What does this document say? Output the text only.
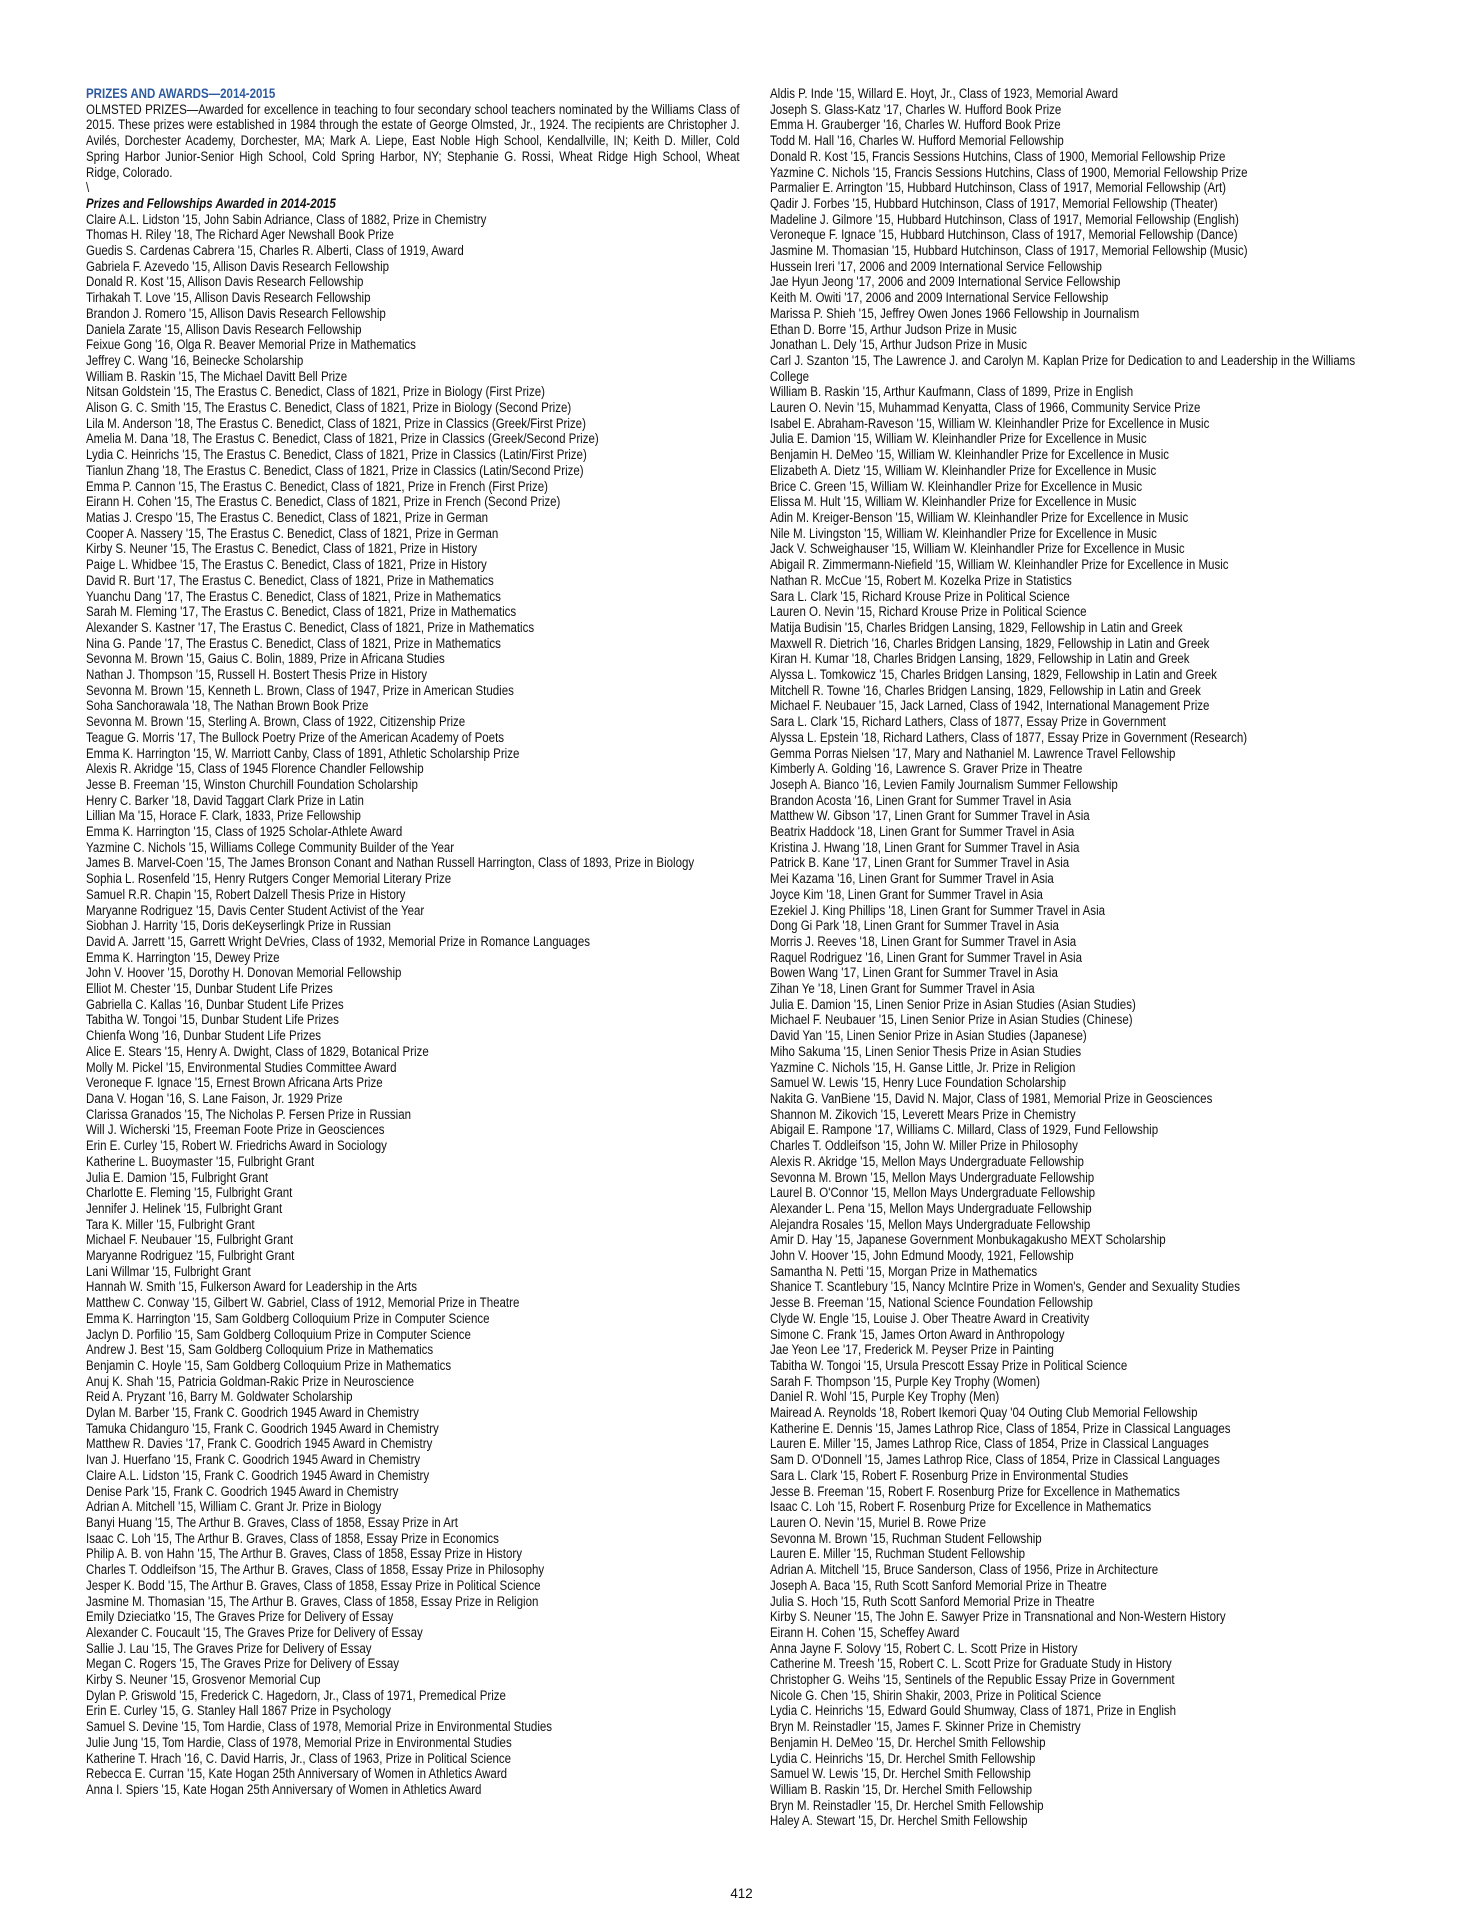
PRIZES AND AWARDS—2014-2015

OLMSTED PRIZES—Awarded for excellence in teaching to four secondary school teachers nominated by the Williams Class of 2015. These prizes were established in 1984 through the estate of George Olmsted, Jr., 1924. The recipients are Christopher J. Avilés, Dorchester Academy, Dorchester, MA; Mark A. Liepe, East Noble High School, Kendallville, IN; Keith D. Miller, Cold Spring Harbor Junior-Senior High School, Cold Spring Harbor, NY; Stephanie G. Rossi, Wheat Ridge High School, Wheat Ridge, Colorado.

\

Prizes and Fellowships Awarded in 2014-2015

Claire A.L. Lidston '15, John Sabin Adriance, Class of 1882, Prize in Chemistry
Thomas H. Riley '18, The Richard Ager Newshall Book Prize
Guedis S. Cardenas Cabrera '15, Charles R. Alberti, Class of 1919, Award
Gabriela F. Azevedo '15, Allison Davis Research Fellowship
Donald R. Kost '15, Allison Davis Research Fellowship
Tirhakah T. Love '15, Allison Davis Research Fellowship
Brandon J. Romero '15, Allison Davis Research Fellowship
Daniela Zarate '15, Allison Davis Research Fellowship
Feixue Gong '16, Olga R. Beaver Memorial Prize in Mathematics
Jeffrey C. Wang '16, Beinecke Scholarship
William B. Raskin '15, The Michael Davitt Bell Prize
Nitsan Goldstein '15, The Erastus C. Benedict, Class of 1821, Prize in Biology (First Prize)
Alison G. C. Smith '15, The Erastus C. Benedict, Class of 1821, Prize in Biology (Second Prize)
Lila M. Anderson '18, The Erastus C. Benedict, Class of 1821, Prize in Classics (Greek/First Prize)
Amelia M. Dana '18, The Erastus C. Benedict, Class of 1821, Prize in Classics (Greek/Second Prize)
Lydia C. Heinrichs '15, The Erastus C. Benedict, Class of 1821, Prize in Classics (Latin/First Prize)
Tianlun Zhang '18, The Erastus C. Benedict, Class of 1821, Prize in Classics (Latin/Second Prize)
Emma P. Cannon '15, The Erastus C. Benedict, Class of 1821, Prize in French (First Prize)
Eirann H. Cohen '15, The Erastus C. Benedict, Class of 1821, Prize in French (Second Prize)
Matias J. Crespo '15, The Erastus C. Benedict, Class of 1821, Prize in German
Cooper A. Nassery '15, The Erastus C. Benedict, Class of 1821, Prize in German
Kirby S. Neuner '15, The Erastus C. Benedict, Class of 1821, Prize in History
Paige L. Whidbee '15, The Erastus C. Benedict, Class of 1821, Prize in History
David R. Burt '17, The Erastus C. Benedict, Class of 1821, Prize in Mathematics
Yuanchu Dang '17, The Erastus C. Benedict, Class of 1821, Prize in Mathematics
Sarah M. Fleming '17, The Erastus C. Benedict, Class of 1821, Prize in Mathematics
Alexander S. Kastner '17, The Erastus C. Benedict, Class of 1821, Prize in Mathematics
Nina G. Pande '17, The Erastus C. Benedict, Class of 1821, Prize in Mathematics
Sevonna M. Brown '15, Gaius C. Bolin, 1889, Prize in Africana Studies
Nathan J. Thompson '15, Russell H. Bostert Thesis Prize in History
Sevonna M. Brown '15, Kenneth L. Brown, Class of 1947, Prize in American Studies
Soha Sanchorawala '18, The Nathan Brown Book Prize
Sevonna M. Brown '15, Sterling A. Brown, Class of 1922, Citizenship Prize
Teague G. Morris '17, The Bullock Poetry Prize of the American Academy of Poets
Emma K. Harrington '15, W. Marriott Canby, Class of 1891, Athletic Scholarship Prize
Alexis R. Akridge '15, Class of 1945 Florence Chandler Fellowship
Jesse B. Freeman '15, Winston Churchill Foundation Scholarship
Henry C. Barker '18, David Taggart Clark Prize in Latin
Lillian Ma '15, Horace F. Clark, 1833, Prize Fellowship
Emma K. Harrington '15, Class of 1925 Scholar-Athlete Award
Yazmine C. Nichols '15, Williams College Community Builder of the Year
James B. Marvel-Coen '15, The James Bronson Conant and Nathan Russell Harrington, Class of 1893, Prize in Biology
Sophia L. Rosenfeld '15, Henry Rutgers Conger Memorial Literary Prize
Samuel R.R. Chapin '15, Robert Dalzell Thesis Prize in History
Maryanne Rodriguez '15, Davis Center Student Activist of the Year
Siobhan J. Harrity '15, Doris deKeyserlingk Prize in Russian
David A. Jarrett '15, Garrett Wright DeVries, Class of 1932, Memorial Prize in Romance Languages
Emma K. Harrington '15, Dewey Prize
John V. Hoover '15, Dorothy H. Donovan Memorial Fellowship
Elliot M. Chester '15, Dunbar Student Life Prizes
Gabriella C. Kallas '16, Dunbar Student Life Prizes
Tabitha W. Tongoi '15, Dunbar Student Life Prizes
Chienfa Wong '16, Dunbar Student Life Prizes
Alice E. Stears '15, Henry A. Dwight, Class of 1829, Botanical Prize
Molly M. Pickel '15, Environmental Studies Committee Award
Veroneque F. Ignace '15, Ernest Brown Africana Arts Prize
Dana V. Hogan '16, S. Lane Faison, Jr. 1929 Prize
Clarissa Granados '15, The Nicholas P. Fersen Prize in Russian
Will J. Wicherski '15, Freeman Foote Prize in Geosciences
Erin E. Curley '15, Robert W. Friedrichs Award in Sociology
Katherine L. Buoymaster '15, Fulbright Grant
Julia E. Damion '15, Fulbright Grant
Charlotte E. Fleming '15, Fulbright Grant
Jennifer J. Helinek '15, Fulbright Grant
Tara K. Miller '15, Fulbright Grant
Michael F. Neubauer '15, Fulbright Grant
Maryanne Rodriguez '15, Fulbright Grant
Lani Willmar '15, Fulbright Grant
Hannah W. Smith '15, Fulkerson Award for Leadership in the Arts
Matthew C. Conway '15, Gilbert W. Gabriel, Class of 1912, Memorial Prize in Theatre
Emma K. Harrington '15, Sam Goldberg Colloquium Prize in Computer Science
Jaclyn D. Porfilio '15, Sam Goldberg Colloquium Prize in Computer Science
Andrew J. Best '15, Sam Goldberg Colloquium Prize in Mathematics
Benjamin C. Hoyle '15, Sam Goldberg Colloquium Prize in Mathematics
Anuj K. Shah '15, Patricia Goldman-Rakic Prize in Neuroscience
Reid A. Pryzant '16, Barry M. Goldwater Scholarship
Dylan M. Barber '15, Frank C. Goodrich 1945 Award in Chemistry
Tamuka Chidanguro '15, Frank C. Goodrich 1945 Award in Chemistry
Matthew R. Davies '17, Frank C. Goodrich 1945 Award in Chemistry
Ivan J. Huerfano '15, Frank C. Goodrich 1945 Award in Chemistry
Claire A.L. Lidston '15, Frank C. Goodrich 1945 Award in Chemistry
Denise Park '15, Frank C. Goodrich 1945 Award in Chemistry
Adrian A. Mitchell '15, William C. Grant Jr. Prize in Biology
Banyi Huang '15, The Arthur B. Graves, Class of 1858, Essay Prize in Art
Isaac C. Loh '15, The Arthur B. Graves, Class of 1858, Essay Prize in Economics
Philip A. B. von Hahn '15, The Arthur B. Graves, Class of 1858, Essay Prize in History
Charles T. Oddleifson '15, The Arthur B. Graves, Class of 1858, Essay Prize in Philosophy
Jesper K. Bodd '15, The Arthur B. Graves, Class of 1858, Essay Prize in Political Science
Jasmine M. Thomasian '15, The Arthur B. Graves, Class of 1858, Essay Prize in Religion
Emily Dzieciatko '15, The Graves Prize for Delivery of Essay
Alexander C. Foucault '15, The Graves Prize for Delivery of Essay
Sallie J. Lau '15, The Graves Prize for Delivery of Essay
Megan C. Rogers '15, The Graves Prize for Delivery of Essay
Kirby S. Neuner '15, Grosvenor Memorial Cup
Dylan P. Griswold '15, Frederick C. Hagedorn, Jr., Class of 1971, Premedical Prize
Erin E. Curley '15, G. Stanley Hall 1867 Prize in Psychology
Samuel S. Devine '15, Tom Hardie, Class of 1978, Memorial Prize in Environmental Studies
Julie Jung '15, Tom Hardie, Class of 1978, Memorial Prize in Environmental Studies
Katherine T. Hrach '16, C. David Harris, Jr., Class of 1963, Prize in Political Science
Rebecca E. Curran '15, Kate Hogan 25th Anniversary of Women in Athletics Award
Anna I. Spiers '15, Kate Hogan 25th Anniversary of Women in Athletics Award
Aldis P. Inde '15, Willard E. Hoyt, Jr., Class of 1923, Memorial Award
Joseph S. Glass-Katz '17, Charles W. Hufford Book Prize
Emma H. Grauberger '16, Charles W. Hufford Book Prize
Todd M. Hall '16, Charles W. Hufford Memorial Fellowship
Donald R. Kost '15, Francis Sessions Hutchins, Class of 1900, Memorial Fellowship Prize
Yazmine C. Nichols '15, Francis Sessions Hutchins, Class of 1900, Memorial Fellowship Prize
Parmalier E. Arrington '15, Hubbard Hutchinson, Class of 1917, Memorial Fellowship (Art)
Qadir J. Forbes '15, Hubbard Hutchinson, Class of 1917, Memorial Fellowship (Theater)
Madeline J. Gilmore '15, Hubbard Hutchinson, Class of 1917, Memorial Fellowship (English)
Veroneque F. Ignace '15, Hubbard Hutchinson, Class of 1917, Memorial Fellowship (Dance)
Jasmine M. Thomasian '15, Hubbard Hutchinson, Class of 1917, Memorial Fellowship (Music)
Hussein Ireri '17, 2006 and 2009 International Service Fellowship
Jae Hyun Jeong '17, 2006 and 2009 International Service Fellowship
Keith M. Owiti '17, 2006 and 2009 International Service Fellowship
Marissa P. Shieh '15, Jeffrey Owen Jones 1966 Fellowship in Journalism
Ethan D. Borre '15, Arthur Judson Prize in Music
Jonathan L. Dely '15, Arthur Judson Prize in Music
Carl J. Szanton '15, The Lawrence J. and Carolyn M. Kaplan Prize for Dedication to and Leadership in the Williams College
William B. Raskin '15, Arthur Kaufmann, Class of 1899, Prize in English
Lauren O. Nevin '15, Muhammad Kenyatta, Class of 1966, Community Service Prize
Isabel E. Abraham-Raveson '15, William W. Kleinhandler Prize for Excellence in Music
Julia E. Damion '15, William W. Kleinhandler Prize for Excellence in Music
Benjamin H. DeMeo '15, William W. Kleinhandler Prize for Excellence in Music
Elizabeth A. Dietz '15, William W. Kleinhandler Prize for Excellence in Music
Brice C. Green '15, William W. Kleinhandler Prize for Excellence in Music
Elissa M. Hult '15, William W. Kleinhandler Prize for Excellence in Music
Adin M. Kreiger-Benson '15, William W. Kleinhandler Prize for Excellence in Music
Nile M. Livingston '15, William W. Kleinhandler Prize for Excellence in Music
Jack V. Schweighauser '15, William W. Kleinhandler Prize for Excellence in Music
Abigail R. Zimmermann-Niefield '15, William W. Kleinhandler Prize for Excellence in Music
Nathan R. McCue '15, Robert M. Kozelka Prize in Statistics
Sara L. Clark '15, Richard Krouse Prize in Political Science
Lauren O. Nevin '15, Richard Krouse Prize in Political Science
Matija Budisin '15, Charles Bridgen Lansing, 1829, Fellowship in Latin and Greek
Maxwell R. Dietrich '16, Charles Bridgen Lansing, 1829, Fellowship in Latin and Greek
Kiran H. Kumar '18, Charles Bridgen Lansing, 1829, Fellowship in Latin and Greek
Alyssa L. Tomkowicz '15, Charles Bridgen Lansing, 1829, Fellowship in Latin and Greek
Mitchell R. Towne '16, Charles Bridgen Lansing, 1829, Fellowship in Latin and Greek
Michael F. Neubauer '15, Jack Larned, Class of 1942, International Management Prize
Sara L. Clark '15, Richard Lathers, Class of 1877, Essay Prize in Government
Alyssa L. Epstein '18, Richard Lathers, Class of 1877, Essay Prize in Government (Research)
Gemma Porras Nielsen '17, Mary and Nathaniel M. Lawrence Travel Fellowship
Kimberly A. Golding '16, Lawrence S. Graver Prize in Theatre
Joseph A. Bianco '16, Levien Family Journalism Summer Fellowship
Brandon Acosta '16, Linen Grant for Summer Travel in Asia
Matthew W. Gibson '17, Linen Grant for Summer Travel in Asia
Beatrix Haddock '18, Linen Grant for Summer Travel in Asia
Kristina J. Hwang '18, Linen Grant for Summer Travel in Asia
Patrick B. Kane '17, Linen Grant for Summer Travel in Asia
Mei Kazama '16, Linen Grant for Summer Travel in Asia
Joyce Kim '18, Linen Grant for Summer Travel in Asia
Ezekiel J. King Phillips '18, Linen Grant for Summer Travel in Asia
Dong Gi Park '18, Linen Grant for Summer Travel in Asia
Morris J. Reeves '18, Linen Grant for Summer Travel in Asia
Raquel Rodriguez '16, Linen Grant for Summer Travel in Asia
Bowen Wang '17, Linen Grant for Summer Travel in Asia
Zihan Ye '18, Linen Grant for Summer Travel in Asia
Julia E. Damion '15, Linen Senior Prize in Asian Studies (Asian Studies)
Michael F. Neubauer '15, Linen Senior Prize in Asian Studies (Chinese)
David Yan '15, Linen Senior Prize in Asian Studies (Japanese)
Miho Sakuma '15, Linen Senior Thesis Prize in Asian Studies
Yazmine C. Nichols '15, H. Ganse Little, Jr. Prize in Religion
Samuel W. Lewis '15, Henry Luce Foundation Scholarship
Nakita G. VanBiene '15, David N. Major, Class of 1981, Memorial Prize in Geosciences
Shannon M. Zikovich '15, Leverett Mears Prize in Chemistry
Abigail E. Rampone '17, Williams C. Millard, Class of 1929, Fund Fellowship
Charles T. Oddleifson '15, John W. Miller Prize in Philosophy
Alexis R. Akridge '15, Mellon Mays Undergraduate Fellowship
Sevonna M. Brown '15, Mellon Mays Undergraduate Fellowship
Laurel B. O'Connor '15, Mellon Mays Undergraduate Fellowship
Alexander L. Pena '15, Mellon Mays Undergraduate Fellowship
Alejandra Rosales '15, Mellon Mays Undergraduate Fellowship
Amir D. Hay '15, Japanese Government Monbukagakusho MEXT Scholarship
John V. Hoover '15, John Edmund Moody, 1921, Fellowship
Samantha N. Petti '15, Morgan Prize in Mathematics
Shanice T. Scantlebury '15, Nancy McIntire Prize in Women's, Gender and Sexuality Studies
Jesse B. Freeman '15, National Science Foundation Fellowship
Clyde W. Engle '15, Louise J. Ober Theatre Award in Creativity
Simone C. Frank '15, James Orton Award in Anthropology
Jae Yeon Lee '17, Frederick M. Peyser Prize in Painting
Tabitha W. Tongoi '15, Ursula Prescott Essay Prize in Political Science
Sarah F. Thompson '15, Purple Key Trophy (Women)
Daniel R. Wohl '15, Purple Key Trophy (Men)
Mairead A. Reynolds '18, Robert Ikemori Quay '04 Outing Club Memorial Fellowship
Katherine E. Dennis '15, James Lathrop Rice, Class of 1854, Prize in Classical Languages
Lauren E. Miller '15, James Lathrop Rice, Class of 1854, Prize in Classical Languages
Sam D. O'Donnell '15, James Lathrop Rice, Class of 1854, Prize in Classical Languages
Sara L. Clark '15, Robert F. Rosenburg Prize in Environmental Studies
Jesse B. Freeman '15, Robert F. Rosenburg Prize for Excellence in Mathematics
Isaac C. Loh '15, Robert F. Rosenburg Prize for Excellence in Mathematics
Lauren O. Nevin '15, Muriel B. Rowe Prize
Sevonna M. Brown '15, Ruchman Student Fellowship
Lauren E. Miller '15, Ruchman Student Fellowship
Adrian A. Mitchell '15, Bruce Sanderson, Class of 1956, Prize in Architecture
Joseph A. Baca '15, Ruth Scott Sanford Memorial Prize in Theatre
Julia S. Hoch '15, Ruth Scott Sanford Memorial Prize in Theatre
Kirby S. Neuner '15, The John E. Sawyer Prize in Transnational and Non-Western History
Eirann H. Cohen '15, Scheffey Award
Anna Jayne F. Solovy '15, Robert C. L. Scott Prize in History
Catherine M. Treesh '15, Robert C. L. Scott Prize for Graduate Study in History
Christopher G. Weihs '15, Sentinels of the Republic Essay Prize in Government
Nicole G. Chen '15, Shirin Shakir, 2003, Prize in Political Science
Lydia C. Heinrichs '15, Edward Gould Shumway, Class of 1871, Prize in English
Bryn M. Reinstadler '15, James F. Skinner Prize in Chemistry
Benjamin H. DeMeo '15, Dr. Herchel Smith Fellowship
Lydia C. Heinrichs '15, Dr. Herchel Smith Fellowship
Samuel W. Lewis '15, Dr. Herchel Smith Fellowship
William B. Raskin '15, Dr. Herchel Smith Fellowship
Bryn M. Reinstadler '15, Dr. Herchel Smith Fellowship
Haley A. Stewart '15, Dr. Herchel Smith Fellowship
412
